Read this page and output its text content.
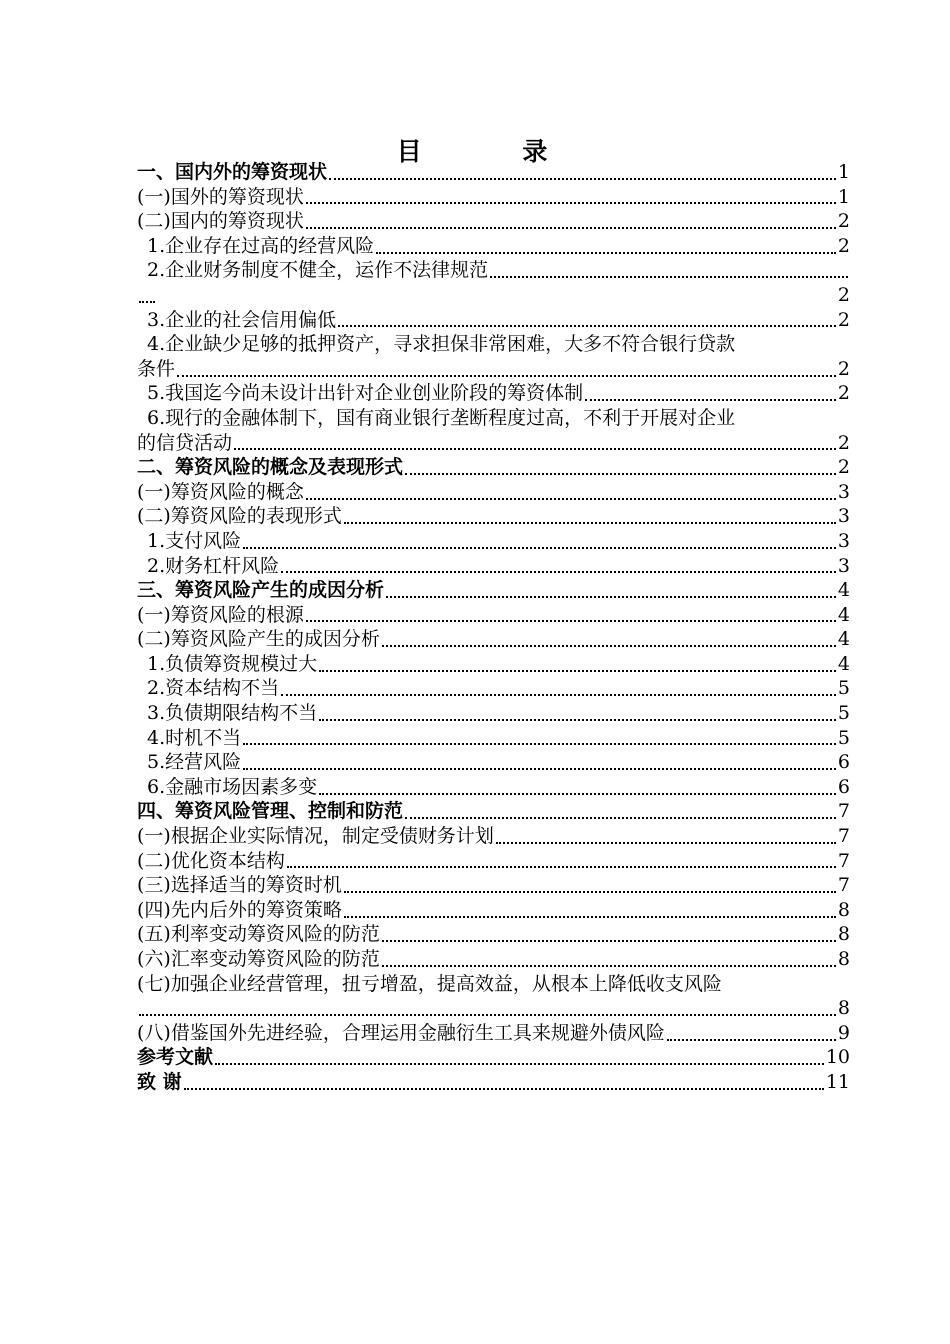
目 录
一、国内外的筹资现状	1
(一)国外的筹资现状	1
(二)国内的筹资现状	2
1.企业存在过高的经营风险	2
2.企业财务制度不健全，运作不法律规范
2
3.企业的社会信用偏低	2
4.企业缺少足够的抵押资产，寻求担保非常困难，大多不符合银行贷款
条件	2
5.我国迄今尚未设计出针对企业创业阶段的筹资体制	2
6.现行的金融体制下，国有商业银行垄断程度过高，不利于开展对企业
的信贷活动	2
二、筹资风险的概念及表现形式	2
(一)筹资风险的概念	3
(二)筹资风险的表现形式	3
1.支付风险	3
2.财务杠杆风险	3
三、筹资风险产生的成因分析	4
(一)筹资风险的根源	4
(二)筹资风险产生的成因分析	4
1.负债筹资规模过大	4
2.资本结构不当	5
3.负债期限结构不当	5
4.时机不当	5
5.经营风险	6
6.金融市场因素多变	6
四、筹资风险管理、控制和防范	7
(一)根据企业实际情况，制定受债财务计划	7
(二)优化资本结构	7
(三)选择适当的筹资时机	7
(四)先内后外的筹资策略	8
(五)利率变动筹资风险的防范	8
(六)汇率变动筹资风险的防范	8
(七)加强企业经营管理，扭亏增盈，提高效益，从根本上降低收支风险
8
(八)借鉴国外先进经验，合理运用金融衍生工具来规避外债风险	9
参考文献	10
致 谢	11
